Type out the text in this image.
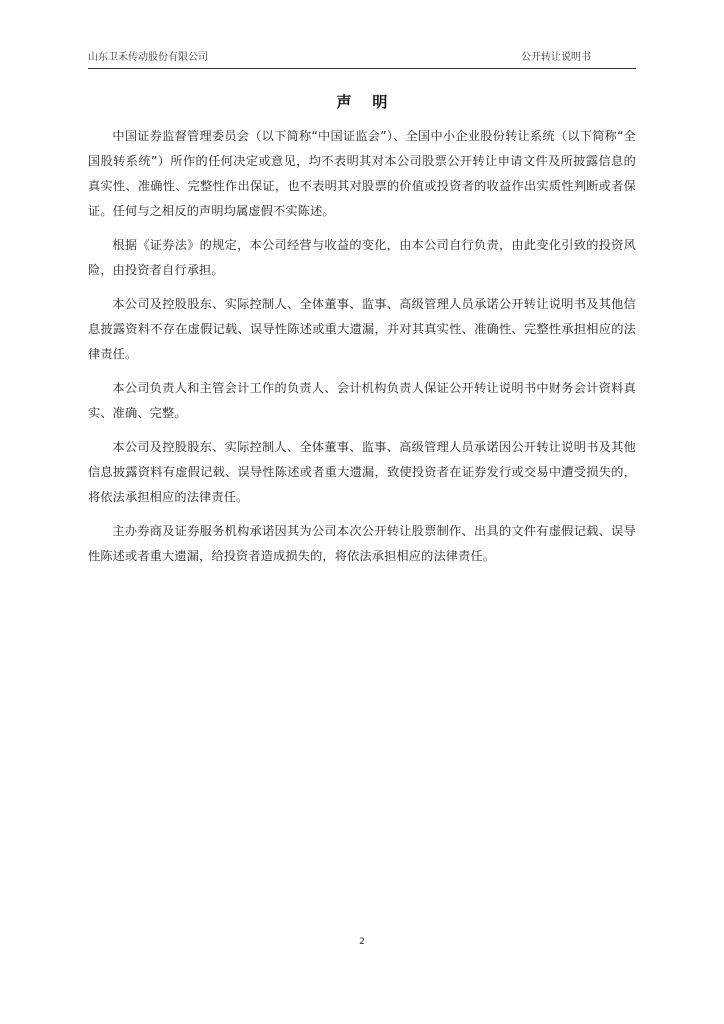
山东卫禾传动股份有限公司	公开转让说明书
声    明

中国证券监督管理委员会（以下简称“中国证监会”）、全国中小企业股份转让系统（以下简称“全国股转系统”）所作的任何决定或意见，均不表明其对本公司股票公开转让申请文件及所披露信息的真实性、准确性、完整性作出保证，也不表明其对股票的价值或投资者的收益作出实质性判断或者保证。任何与之相反的声明均属虚假不实陈述。

根据《证券法》的规定，本公司经营与收益的变化，由本公司自行负责，由此变化引致的投资风险，由投资者自行承担。

本公司及控股股东、实际控制人、全体董事、监事、高级管理人员承诺公开转让说明书及其他信息披露资料不存在虚假记载、误导性陈述或重大遗漏，并对其真实性、准确性、完整性承担相应的法律责任。

本公司负责人和主管会计工作的负责人、会计机构负责人保证公开转让说明书中财务会计资料真实、准确、完整。

本公司及控股股东、实际控制人、全体董事、监事、高级管理人员承诺因公开转让说明书及其他信息披露资料有虚假记载、误导性陈述或者重大遗漏，致使投资者在证券发行或交易中遭受损失的，将依法承担相应的法律责任。

主办券商及证券服务机构承诺因其为公司本次公开转让股票制作、出具的文件有虚假记载、误导性陈述或者重大遗漏，给投资者造成损失的，将依法承担相应的法律责任。

2
